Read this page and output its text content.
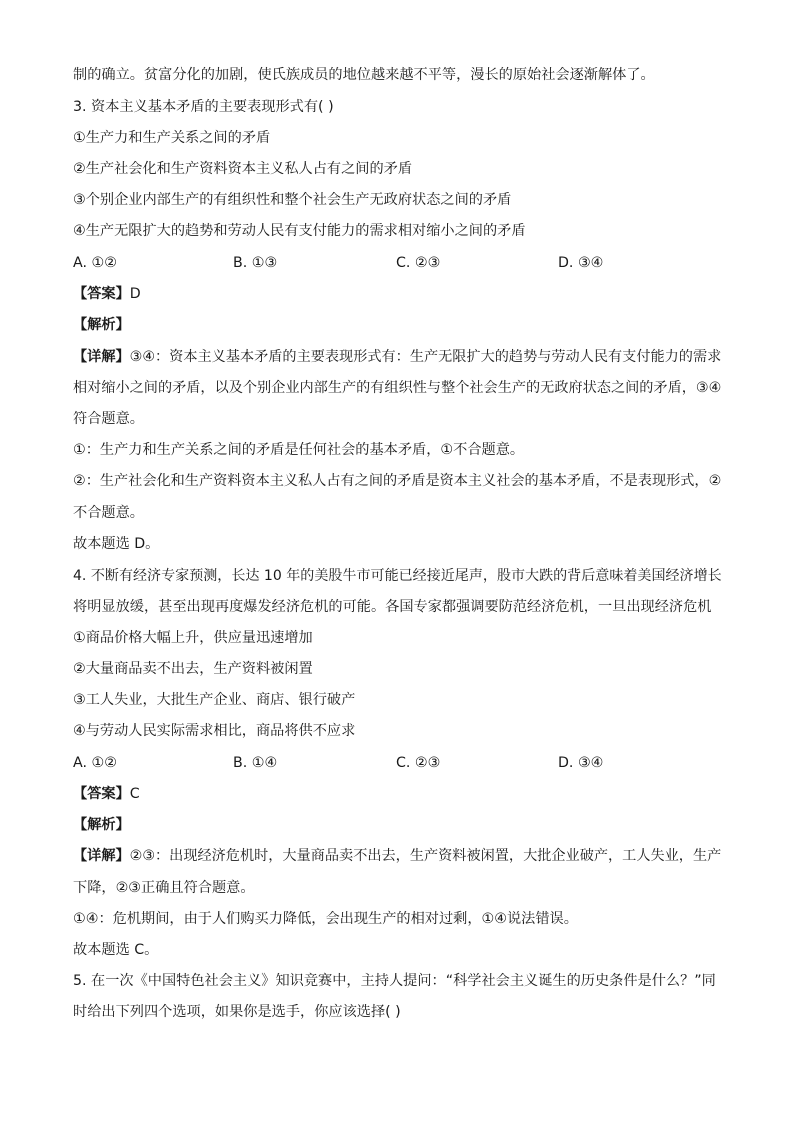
制的确立。贫富分化的加剧，使氏族成员的地位越来越不平等，漫长的原始社会逐渐解体了。
3. 资本主义基本矛盾的主要表现形式有( )
①生产力和生产关系之间的矛盾
②生产社会化和生产资料资本主义私人占有之间的矛盾
③个别企业内部生产的有组织性和整个社会生产无政府状态之间的矛盾
④生产无限扩大的趋势和劳动人民有支付能力的需求相对缩小之间的矛盾
A. ①②	B. ①③	C. ②③	D. ③④
【答案】D
【解析】
【详解】③④：资本主义基本矛盾的主要表现形式有：生产无限扩大的趋势与劳动人民有支付能力的需求
相对缩小之间的矛盾，以及个别企业内部生产的有组织性与整个社会生产的无政府状态之间的矛盾，③④
符合题意。
①：生产力和生产关系之间的矛盾是任何社会的基本矛盾，①不合题意。
②：生产社会化和生产资料资本主义私人占有之间的矛盾是资本主义社会的基本矛盾，不是表现形式，②
不合题意。
故本题选 D。
4. 不断有经济专家预测，长达 10 年的美股牛市可能已经接近尾声，股市大跌的背后意味着美国经济增长
将明显放缓，甚至出现再度爆发经济危机的可能。各国专家都强调要防范经济危机，一旦出现经济危机
①商品价格大幅上升，供应量迅速增加
②大量商品卖不出去，生产资料被闲置
③工人失业，大批生产企业、商店、银行破产
④与劳动人民实际需求相比，商品将供不应求
A. ①②	B. ①④	C. ②③	D. ③④
【答案】C
【解析】
【详解】②③：出现经济危机时，大量商品卖不出去，生产资料被闲置，大批企业破产，工人失业，生产
下降，②③正确且符合题意。
①④：危机期间，由于人们购买力降低，会出现生产的相对过剩，①④说法错误。
故本题选 C。
5. 在一次《中国特色社会主义》知识竞赛中，主持人提问：“科学社会主义诞生的历史条件是什么？”同
时给出下列四个选项，如果你是选手，你应该选择( )
